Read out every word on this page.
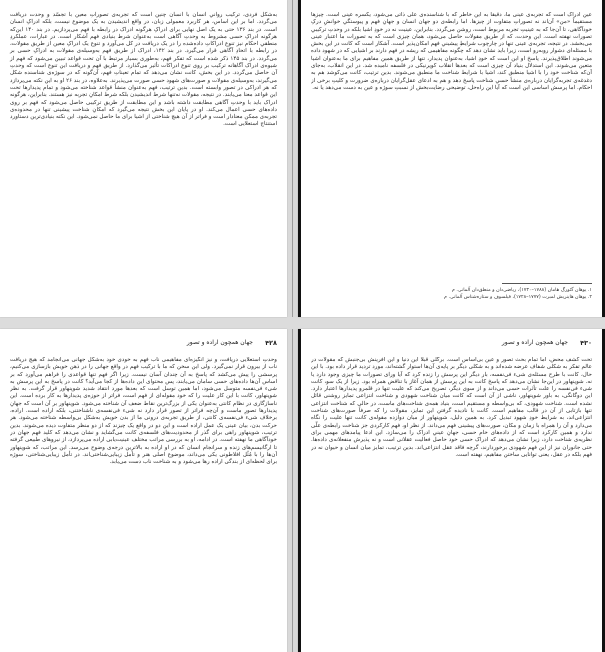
بەشکل فردی، ترکیب روانیِ انسان با انسان چنین است که تجربه‌ی تصوراتِ معین با تجسّد و وحدت دریافت می‌گردد. اما بر این اساس، هر کاربرد معمولی زبان، در واقع اندیشیدن به یک موضوع نیست، بلکه ادراکِ انسان است. در بند ۱۳۶ حتی به یک اصل نهایی برای ادراکِ هرگونه ادراک در رابطه با فهم می‌پردازیم. در بند ۱۴۰ این‌که هرگونه ادراکِ حسی مشروط به وحدتِ آگاهی است به‌عنوان شرط بنیادی فهم آشکار است. در عبارات، عملکردِ منطقیِ احکام نیز تنوع ادراکاتِ داده‌شده را در یک دریافت در کل می‌آورد و تنوع یک ادراکِ معین از طریق مقولات، در رابطه با اتحادِ آگاهی قرار می‌گیرد. در بند ۱۴۲، ادراک از طریق فهم به‌وسیله‌ی مقولات به ادراکِ حسی بر می‌گردد. در بند ۱۴۵ ذکر شده است که تفکر فهم، به‌طوری بسیار مرتبط با آن تحت قواعد تبیین می‌شود که فهم از شیوه‌ی ادراک آگاهانه ترکیب بر روی تنوع ادراکات تأثیر می‌گذارد. از طریق فهم و دریافت این تنوع است که وحدتِ آن حاصل می‌گردد. در این بخش، کانت نشان می‌دهد که تمام تعیناتِ فهم، آن‌گونه که در سوژه‌ی شناسنده شکل می‌گیرند، به‌وسیله‌ی مقولات و صورت‌های شهود حسی صورت می‌پذیرند. به‌علاوه، در بند ۲۶ او به این نکته می‌پردازد که هر ادراکی در تصور وابسته است. بدین ترتیب، فهم به‌عنوان منشأ قواعد شناخته می‌شود و تمام پدیدارها تحت این قواعد معنا می‌یابند. در نتیجه، مقولات نه‌تنها شرط اندیشیدن بلکه شرط امکانِ تجربه نیز هستند. بنابراین، هرگونه ادراک باید با وحدتِ آگاهی مطابقت داشته باشد و این مطابقت از طریق ترکیبی حاصل می‌شود که فهم بر روی داده‌های حسی اعمال می‌کند. او در پایان این بخش نتیجه می‌گیرد که امکانِ شناخت پیشینی تنها در محدوده‌ی تجربه‌ی ممکن معنادار است و فراتر از آن هیچ شناختی از اشیا برای ما حاصل نمی‌شود. این نکته بنیادی‌ترین دستاورد استنتاج استعلایی است.
عین ادراک است که تجربه‌ی عینی ما، دقیقاً به این خاطر که با شناسنده‌ی علّی ذاتی می‌شود، یکسره عینی است. چیزها مستقیماً «من» آن‌اند نه تصوراتِ متفاوت از چیزها. اما رابطه‌ی دو جهان انسان و جهانِ فهم و پیوستگیِ خوانشِ درکِ خودآگاهی، تا آن‌جا که به عینیتِ تجربه مربوط است، روشن می‌گردد. بنابراین، عینیت نه در خودِ اشیا بلکه در وحدتِ ترکیبیِ تصورات نهفته است. این وحدت، که از طریق مقولات حاصل می‌شود، همان چیزی است که به تصورات ما اعتبار عینی می‌بخشد. در نتیجه، تجربه‌ی عینی تنها در چارچوب شرایطِ پیشینیِ فهم امکان‌پذیر است. آشکار است که کانت در این بخش با مسئله‌ای دشوار روبه‌رو است، زیرا باید نشان دهد که چگونه مفاهیمی که ریشه در فهم دارند بر اشیایی که در شهود داده می‌شوند اطلاق‌پذیرند. پاسخ او این است که خودِ اشیا، به‌عنوان پدیدار، تنها از طریق همین مفاهیم برای ما به‌عنوان اشیا متعین می‌شوند. این استدلال بنیاد آن چیزی است که بعدها انقلاب کوپرنیکی در فلسفه نامیده شد. در این انقلاب، به‌جای آن‌که شناخت خود را با اشیا منطبق کند، اشیا با شرایط شناخت ما منطبق می‌شوند. بدین ترتیب، کانت می‌کوشد هم به دغدغه‌ی تجربه‌گرایان درباره‌ی منشأ حسیِ شناخت پاسخ دهد و هم به ادعای عقل‌گرایان درباره‌ی ضرورت و کلیتِ برخی از احکام. اما پرسش اساسی این است که آیا این راه‌حل، توضیحی رضایت‌بخش از نسبتِ سوژه و عین به دست می‌دهد یا نه.
۱. یوهان گئورگ هامان (۱۷۸۸–۱۷۳۰)، ریاضی‌دان و منطق‌دان آلمانی. م
۲. یوهان هاینریش لمبرت (۱۷۷۷–۱۷۲۸)، فیلسوف و ستاره‌شناس آلمانی. م
۴۲۸
جهان همچون اراده و تصور
وحدتِ استعلایی دریافت، و نیز انگیزه‌ای مفاهیمی ناب فهم به خودی خود به‌شکل جهانی می‌انجامد که هیچ دریافت ناب از بیرون قرار نمی‌گیرد. ولی این سخن که ما با ترکیب فهم در واقع جهانی را در ذهن خویش بازسازی می‌کنیم، پرسشی را پیش می‌کشد که پاسخ به آن چندان آسان نیست. زیرا اگر فهم تنها قواعدی را فراهم می‌آورد که بر اساس آن‌ها داده‌های حسی سامان می‌یابند، پس محتوای این داده‌ها از کجا می‌آید؟ کانت در پاسخ به این پرسش به شیء فی‌نفسه متوسل می‌شود، اما همین توسل است که بعدها مورد انتقاد شدید شوپنهاور قرار گرفت. به نظر شوپنهاور، کانت با این کار علیت را که خود مقوله‌ای از فهم است، فراتر از حوزه‌ی پدیدارها به کار برده است. این ناسازگاری در نظام کانتی به‌عنوان یکی از بزرگ‌ترین نقاط ضعف آن شناخته می‌شود. شوپنهاور بر آن است که جهانِ پدیدارها تصورِ ماست و آن‌چه فراتر از تصور قرار دارد نه شیء فی‌نفسه‌ی ناشناختنی، بلکه اراده است. اراده، برخلاف شیء فی‌نفسه‌ی کانتی، از طریق تجربه‌ی درونی ما از بدن خویش به‌شکل بی‌واسطه شناخته می‌شود. هر حرکت بدن، بیان عینی یک عمل اراده است و این دو در واقع یک چیزند که از دو منظر متفاوت دیده می‌شوند. بدین ترتیب، شوپنهاور راهی برای گذر از محدودیت‌های فلسفه‌ی کانت می‌گشاید و نشان می‌دهد که کلید فهم جهان در خودآگاهی ما نهفته است. در ادامه، او به بررسی مراتب مختلف عینیت‌یابی اراده می‌پردازد، از نیروهای طبیعی گرفته تا ارگانیسم‌های زنده و سرانجام انسان که در او اراده به بالاترین درجه‌ی وضوح می‌رسد. این مراتب، که شوپنهاور آن‌ها را با مُثُل افلاطونی یکی می‌داند، موضوع اصلی هنر و تأمل زیبایی‌شناختی‌اند. در تأمل زیبایی‌شناختی، سوژه برای لحظه‌ای از بندگی اراده رها می‌شود و به شناخت ناب دست می‌یابد.
۴۳۰
جهان همچون اراده و تصور
تحت کشف محض، اما تمام بحث تصور و عین بی‌اساس است. برگلی قبلاً این دنیا و این آفرینش بی‌جنبش که مقولات در عالم تفکر به شکلی شفاف عرضه شده‌اند و به شکلی دیگر بر پایه‌ی آن‌ها استوار گشته‌اند، مورد تردید قرار داده بود. با این حال، کانت با طرح مسئله‌ی شیء فی‌نفسه، بار دیگر این پرسش را زنده کرد که آیا ورای تصورات ما چیزی وجود دارد یا نه. شوپنهاور در این‌جا نشان می‌دهد که پاسخ کانت به این پرسش از همان آغاز با تناقض همراه بود. زیرا از یک سو، کانت شیء فی‌نفسه را علت تأثرات حسی می‌داند و از سوی دیگر، تصریح می‌کند که علیت تنها در قلمرو پدیدارها اعتبار دارد. این دوگانگی، به باور شوپنهاور، ناشی از آن است که کانت میان شناخت شهودی و شناخت انتزاعی تمایز روشنی قائل نشده است. شناخت شهودی، که بی‌واسطه و مستقیم است، بنیاد همه‌ی شناخت‌های ماست، در حالی که شناخت انتزاعی تنها بازتابی از آن در قالب مفاهیم است. کانت با نادیده گرفتن این تمایز، مقولات را که صرفاً صورت‌های شناخت انتزاعی‌اند، به شرایط خودِ شهود تبدیل کرد. به همین دلیل، شوپنهاور از میان دوازده مقوله‌ی کانت تنها علیت را نگاه می‌دارد و آن را همراه با زمان و مکان، صورت‌های پیشینی فهم می‌داند. از نظر او، فهم کارکردی جز شناخت رابطه‌ی علّی ندارد و همین کارکرد است که از داده‌های خام حسی، جهانِ عینیِ ادراک را می‌سازد. این ادعا پیامدهای مهمی برای نظریه‌ی شناخت دارد، زیرا نشان می‌دهد که ادراک حسی خود حاصل فعالیت عقلانی است و نه پذیرش منفعلانه‌ی داده‌ها. حتی جانوران نیز از این فهم شهودی برخوردارند، گرچه فاقد عقل انتزاعی‌اند. بدین ترتیب، تمایز میان انسان و حیوان نه در فهم بلکه در عقل، یعنی توانایی ساختن مفاهیم، نهفته است.
